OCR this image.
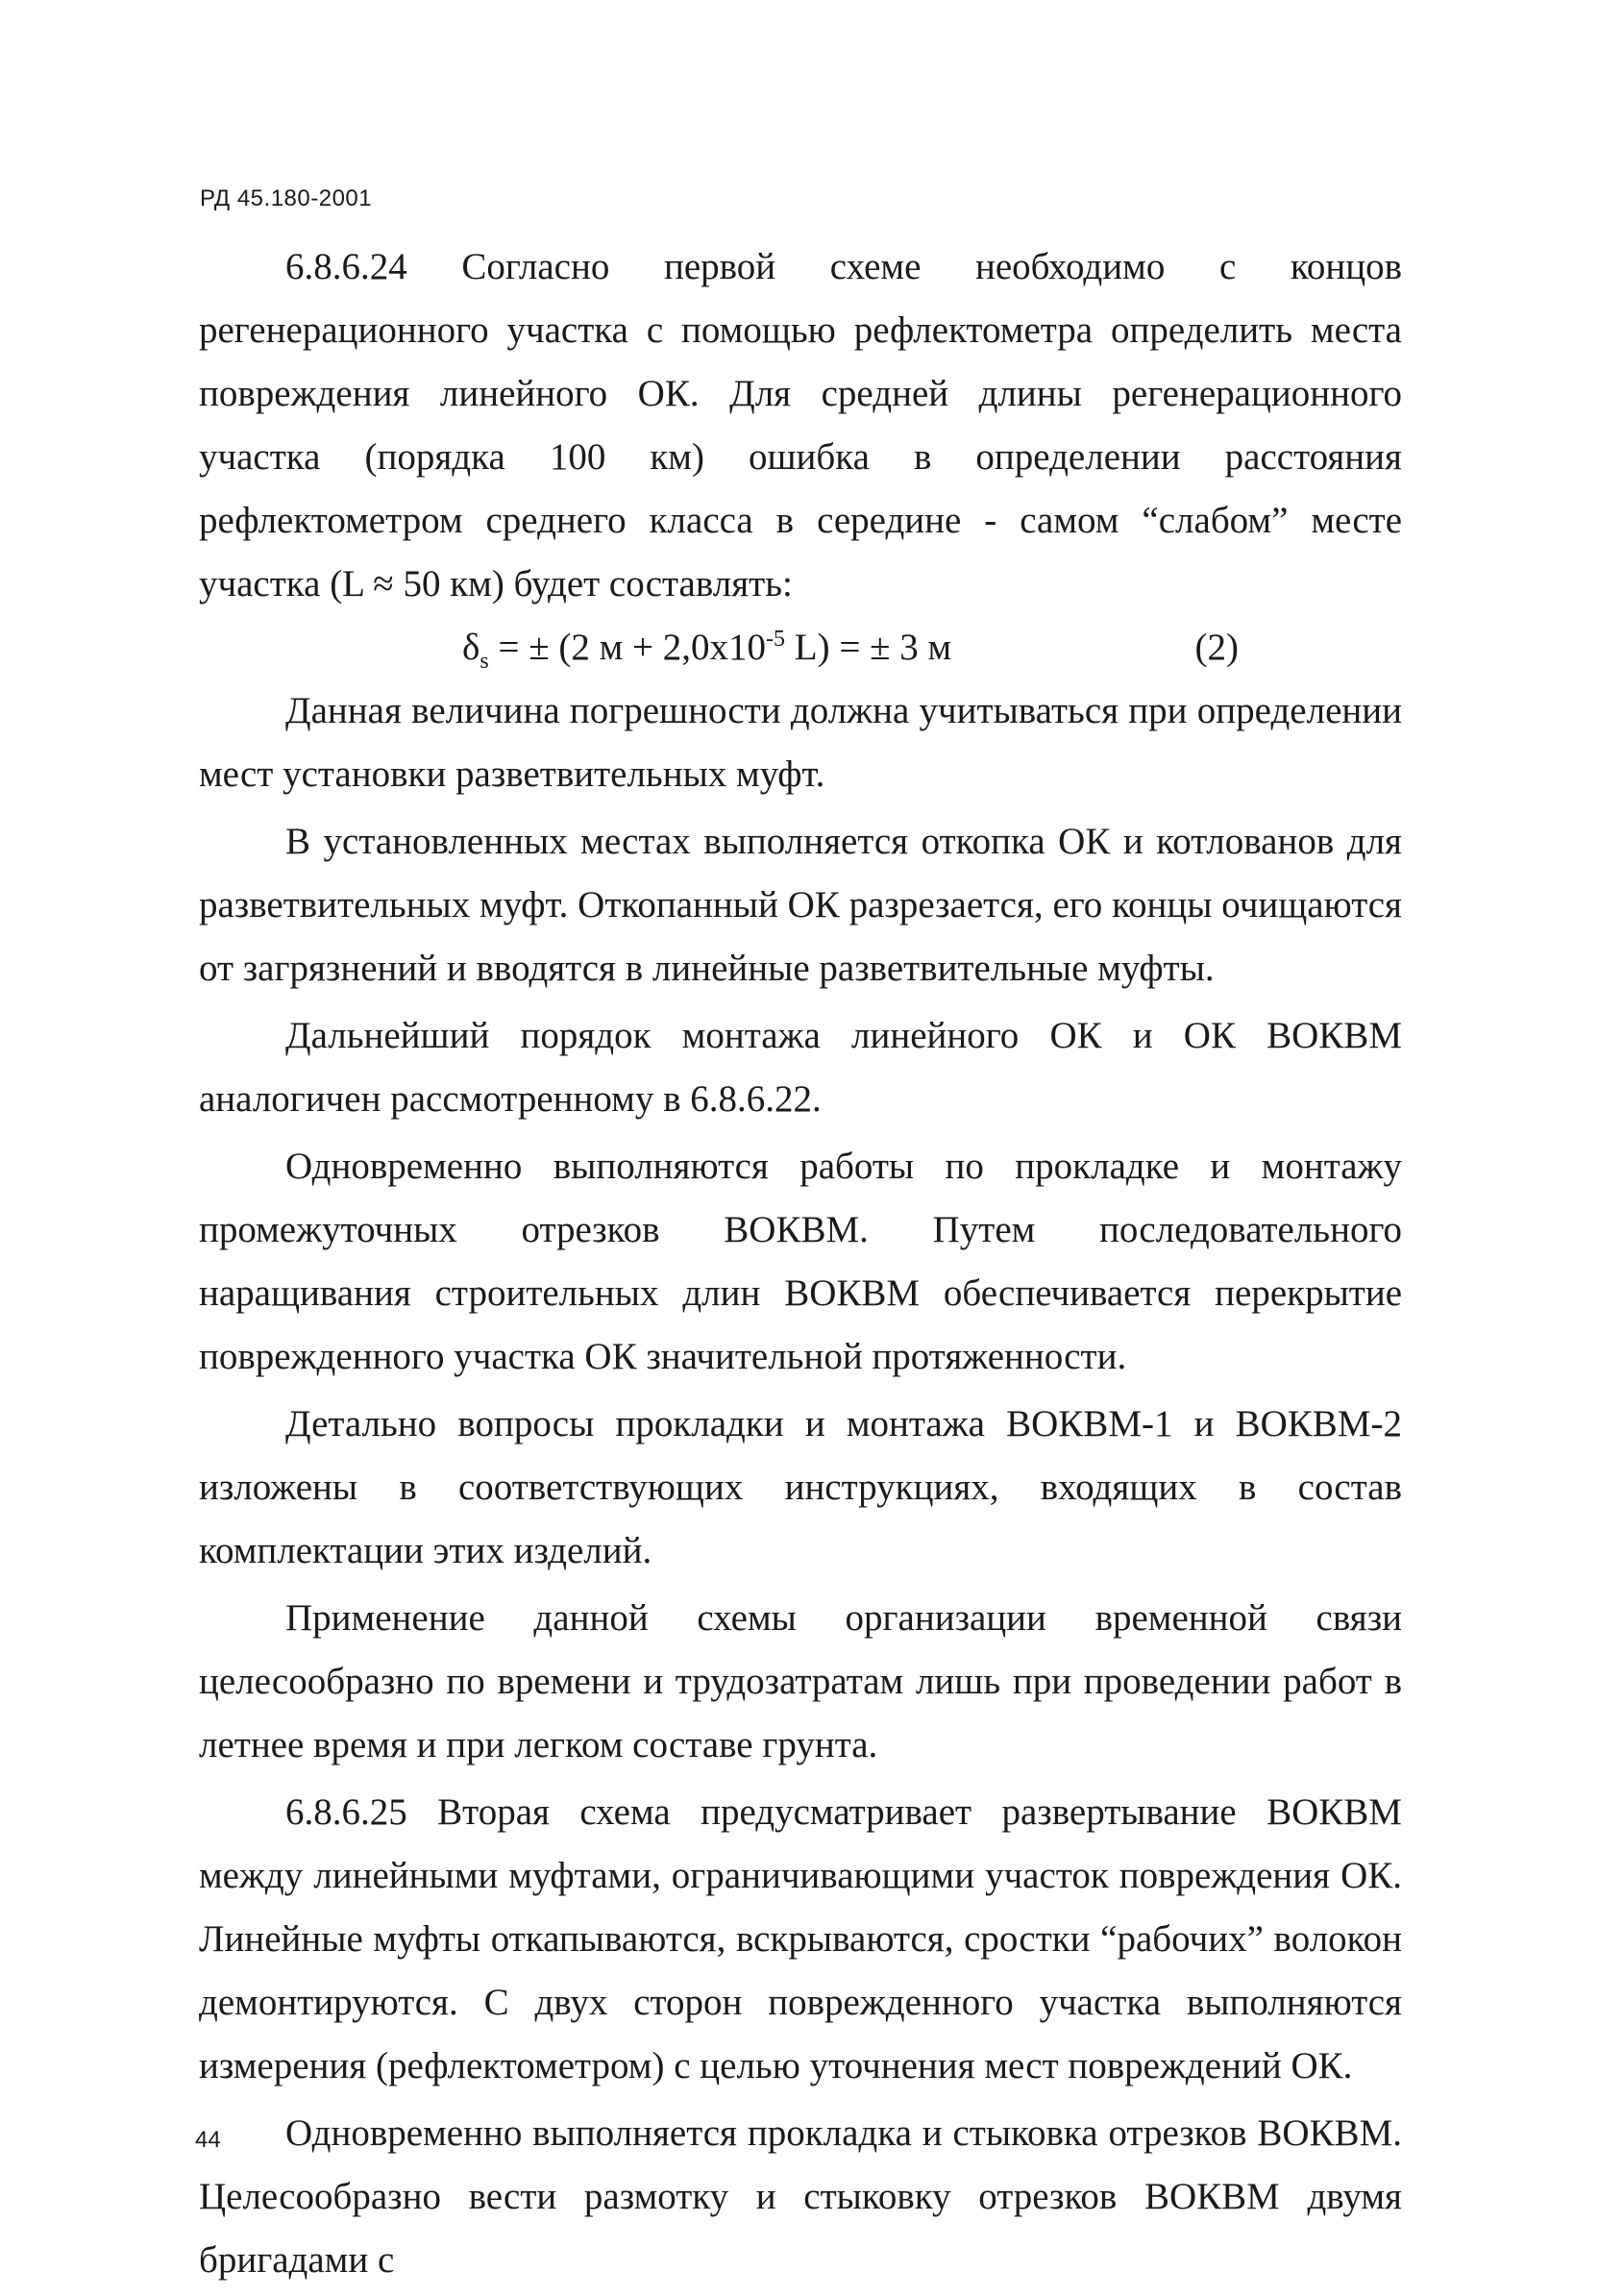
РД 45.180-2001

6.8.6.24 Согласно первой схеме необходимо с концов регенерационного участка с помощью рефлектометра определить места повреждения линейного ОК. Для средней длины регенерационного участка (порядка 100 км) ошибка в определении расстояния рефлектометром среднего класса в середине - самом “слабом” месте участка (L ≈ 50 км) будет составлять:

$\delta_s$ = ± (2 $м + 2,0x10^{-5}$ L) = ± 3 м	(2)

Данная величина погрешности должна учитываться при определении мест установки разветвительных муфт.

В установленных местах выполняется откопка ОК и котлованов для разветвительных муфт. Откопанный ОК разрезается, его концы очищаются от загрязнений и вводятся в линейные разветвительные муфты.

Дальнейший порядок монтажа линейного ОК и ОК ВОКВМ аналогичен рассмотренному в 6.8.6.22.

Одновременно выполняются работы по прокладке и монтажу промежуточных отрезков ВОКВМ. Путем последовательного наращивания строительных длин ВОКВМ обеспечивается перекрытие поврежденного участка ОК значительной протяженности.

Детально вопросы прокладки и монтажа ВОКВМ-1 и ВОКВМ-2 изложены в соответствующих инструкциях, входящих в состав комплектации этих изделий.

Применение данной схемы организации временной связи целесообразно по времени и трудозатратам лишь при проведении работ в летнее время и при легком составе грунта.

6.8.6.25 Вторая схема предусматривает развертывание ВОКВМ между линейными муфтами, ограничивающими участок повреждения ОК. Линейные муфты откапываются, вскрываются, сростки “рабочих” волокон демонтируются. С двух сторон поврежденного участка выполняются измерения (рефлектометром) с целью уточнения мест повреждений ОК.

Одновременно выполняется прокладка и стыковка отрезков ВОКВМ. Целесообразно вести размотку и стыковку отрезков ВОКВМ двумя бригадами с

44
